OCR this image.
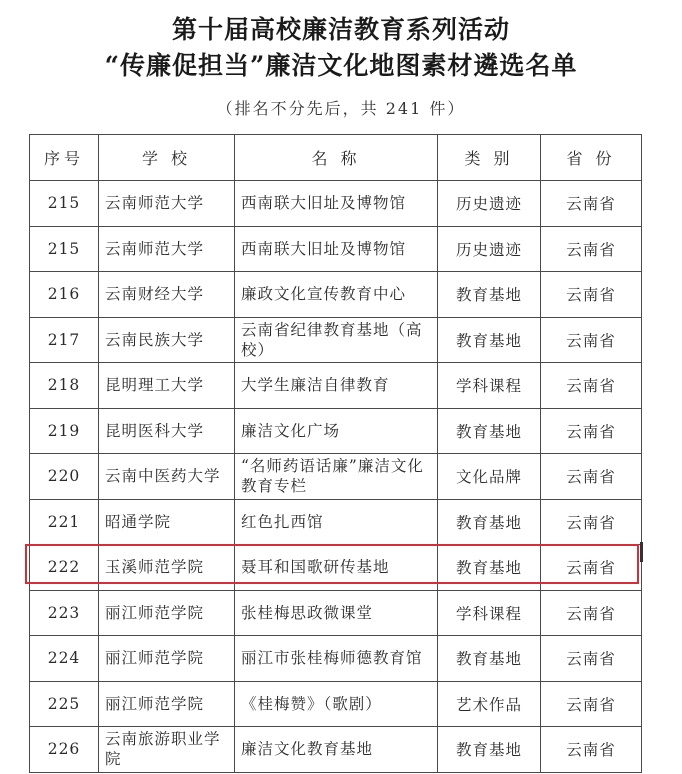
第十届高校廉洁教育系列活动
“传廉促担当”廉洁文化地图素材遴选名单
（排名不分先后，共 241 件）
序号	学 校	名 称	类 别	省 份
215	云南师范大学	西南联大旧址及博物馆	历史遗迹	云南省
215	云南师范大学	西南联大旧址及博物馆	历史遗迹	云南省
216	云南财经大学	廉政文化宣传教育中心	教育基地	云南省
217	云南民族大学	云南省纪律教育基地（高校）	教育基地	云南省
218	昆明理工大学	大学生廉洁自律教育	学科课程	云南省
219	昆明医科大学	廉洁文化广场	教育基地	云南省
220	云南中医药大学	“名师药语话廉”廉洁文化教育专栏	文化品牌	云南省
221	昭通学院	红色扎西馆	教育基地	云南省
222	玉溪师范学院	聂耳和国歌研传基地	教育基地	云南省
223	丽江师范学院	张桂梅思政微课堂	学科课程	云南省
224	丽江师范学院	丽江市张桂梅师德教育馆	教育基地	云南省
225	丽江师范学院	《桂梅赞》（歌剧）	艺术作品	云南省
226	云南旅游职业学院	廉洁文化教育基地	教育基地	云南省
